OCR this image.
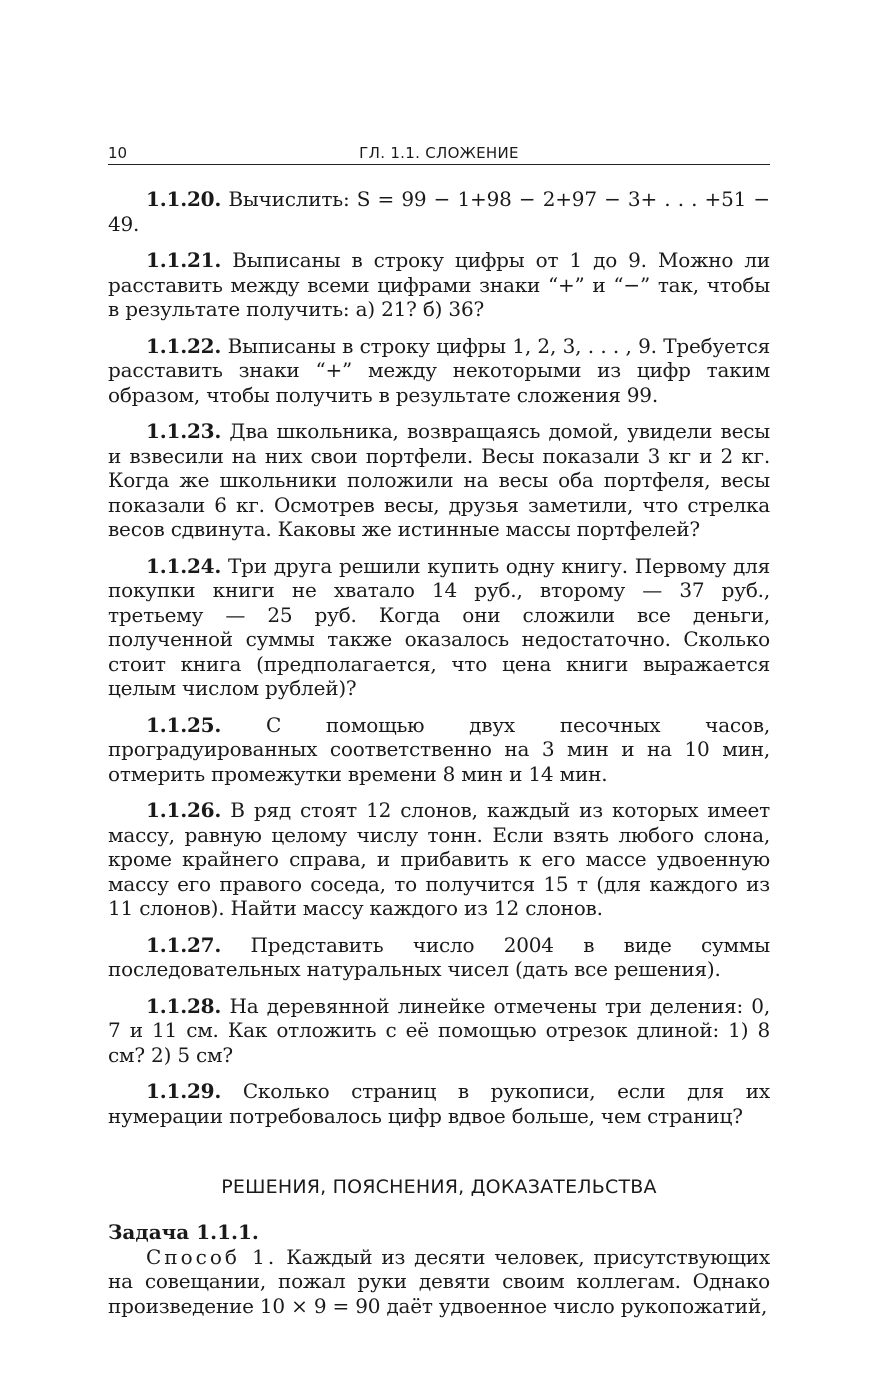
10	ГЛ. 1.1. СЛОЖЕНИЕ

1.1.20. Вычислить: S = 99 − 1+98 − 2+97 − 3+ . . . +51 − 49.

1.1.21. Выписаны в строку цифры от 1 до 9. Можно ли расставить между всеми цифрами знаки “+” и “−” так, чтобы в результате получить: а) 21? б) 36?

1.1.22. Выписаны в строку цифры 1, 2, 3, . . . , 9. Требуется расставить знаки “+” между некоторыми из цифр таким образом, чтобы получить в результате сложения 99.

1.1.23. Два школьника, возвращаясь домой, увидели весы и взвесили на них свои портфели. Весы показали 3 кг и 2 кг. Когда же школьники положили на весы оба портфеля, весы показали 6 кг. Осмотрев весы, друзья заметили, что стрелка весов сдвинута. Каковы же истинные массы портфелей?

1.1.24. Три друга решили купить одну книгу. Первому для покупки книги не хватало 14 руб., второму — 37 руб., третьему — 25 руб. Когда они сложили все деньги, полученной суммы также оказалось недостаточно. Сколько стоит книга (предполагается, что цена книги выражается целым числом рублей)?

1.1.25. С помощью двух песочных часов, проградуированных соответственно на 3 мин и на 10 мин, отмерить промежутки времени 8 мин и 14 мин.

1.1.26. В ряд стоят 12 слонов, каждый из которых имеет массу, равную целому числу тонн. Если взять любого слона, кроме крайнего справа, и прибавить к его массе удвоенную массу его правого соседа, то получится 15 т (для каждого из 11 слонов). Найти массу каждого из 12 слонов.

1.1.27. Представить число 2004 в виде суммы последовательных натуральных чисел (дать все решения).

1.1.28. На деревянной линейке отмечены три деления: 0, 7 и 11 см. Как отложить с её помощью отрезок длиной: 1) 8 см? 2) 5 см?

1.1.29. Сколько страниц в рукописи, если для их нумерации потребовалось цифр вдвое больше, чем страниц?

РЕШЕНИЯ, ПОЯСНЕНИЯ, ДОКАЗАТЕЛЬСТВА
Задача 1.1.1.

Способ 1. Каждый из десяти человек, присутствующих на совещании, пожал руки девяти своим коллегам. Однако произведение 10 × 9 = 90 даёт удвоенное число рукопожатий,
